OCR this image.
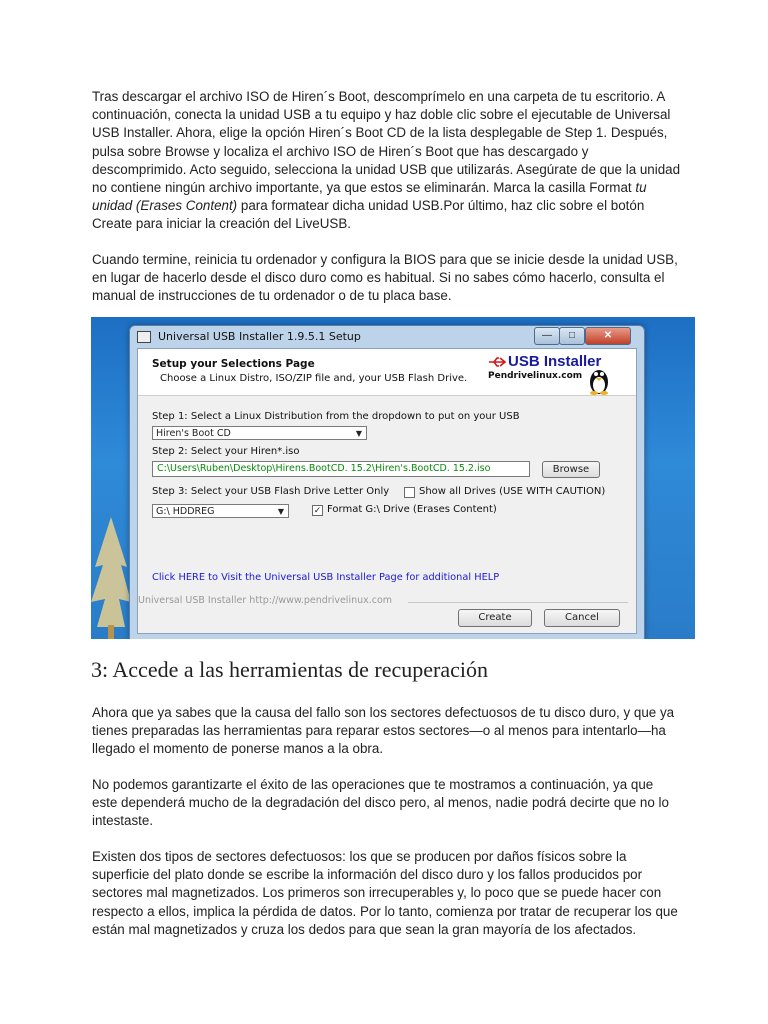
Tras descargar el archivo ISO de Hiren´s Boot, descomprímelo en una carpeta de tu escritorio. A continuación, conecta la unidad USB a tu equipo y haz doble clic sobre el ejecutable de Universal USB Installer. Ahora, elige la opción Hiren´s Boot CD de la lista desplegable de Step 1. Después, pulsa sobre Browse y localiza el archivo ISO de Hiren´s Boot que has descargado y descomprimido. Acto seguido, selecciona la unidad USB que utilizarás. Asegúrate de que la unidad no contiene ningún archivo importante, ya que estos se eliminarán. Marca la casilla Format tu unidad (Erases Content) para formatear dicha unidad USB.Por último, haz clic sobre el botón Create para iniciar la creación del LiveUSB.

Cuando termine, reinicia tu ordenador y configura la BIOS para que se inicie desde la unidad USB, en lugar de hacerlo desde el disco duro como es habitual. Si no sabes cómo hacerlo, consulta el manual de instrucciones de tu ordenador o de tu placa base.

Universal USB Installer 1.9.5.1 Setup	—	□	✕
Setup your Selections Page
Choose a Linux Distro, ISO/ZIP file and, your USB Flash Drive.
USB Installer
Pendrivelinux.com
Step 1: Select a Linux Distribution from the dropdown to put on your USB
Hiren's Boot CD	▼
Step 2: Select your Hiren*.iso
C:\Users\Ruben\Desktop\Hirens.BootCD. 15.2\Hiren's.BootCD. 15.2.iso	Browse
Step 3: Select your USB Flash Drive Letter Only	Show all Drives (USE WITH CAUTION)
G:\ HDDREG	▼	✓ Format G:\ Drive (Erases Content)
Click HERE to Visit the Universal USB Installer Page for additional HELP
Universal USB Installer http://www.pendrivelinux.com
Create	Cancel
3: Accede a las herramientas de recuperación

Ahora que ya sabes que la causa del fallo son los sectores defectuosos de tu disco duro, y que ya tienes preparadas las herramientas para reparar estos sectores—o al menos para intentarlo—ha llegado el momento de ponerse manos a la obra.

No podemos garantizarte el éxito de las operaciones que te mostramos a continuación, ya que este dependerá mucho de la degradación del disco pero, al menos, nadie podrá decirte que no lo intestaste.

Existen dos tipos de sectores defectuosos: los que se producen por daños físicos sobre la superficie del plato donde se escribe la información del disco duro y los fallos producidos por sectores mal magnetizados. Los primeros son irrecuperables y, lo poco que se puede hacer con respecto a ellos, implica la pérdida de datos. Por lo tanto, comienza por tratar de recuperar los que están mal magnetizados y cruza los dedos para que sean la gran mayoría de los afectados.
